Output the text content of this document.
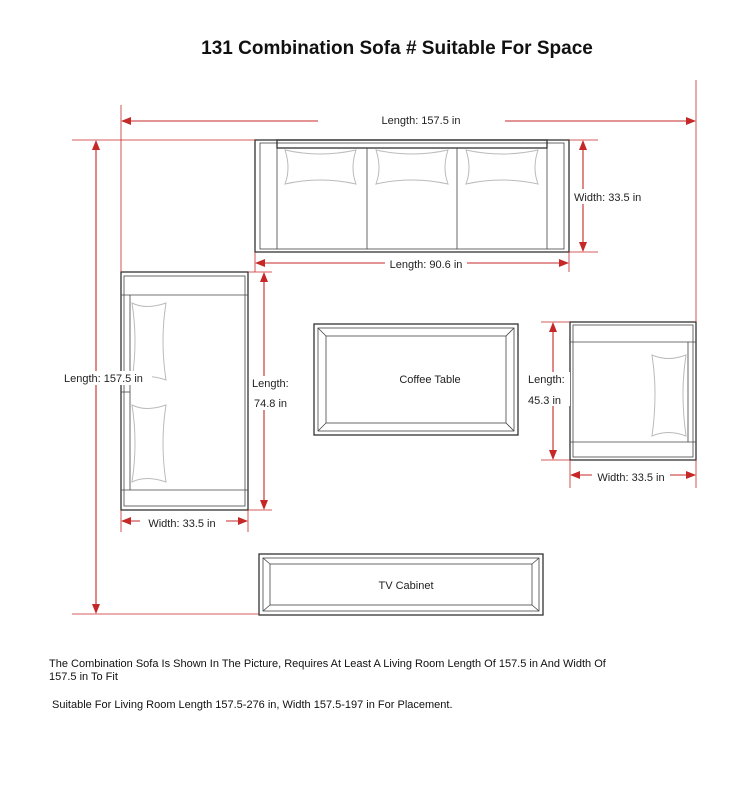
131 Combination Sofa # Suitable For Space
Coffee Table
TV Cabinet
Length: 157.5 in
Width: 33.5 in
Length: 90.6 in
Length: 157.5 in	Length:
74.8 in
Width: 33.5 in
Length:
45.3 in
Width: 33.5 in
The Combination Sofa Is Shown In The Picture, Requires At Least A Living Room Length Of 157.5 in And Width Of 157.5 in To Fit
Suitable For Living Room Length 157.5-276 in, Width 157.5-197 in For Placement.
